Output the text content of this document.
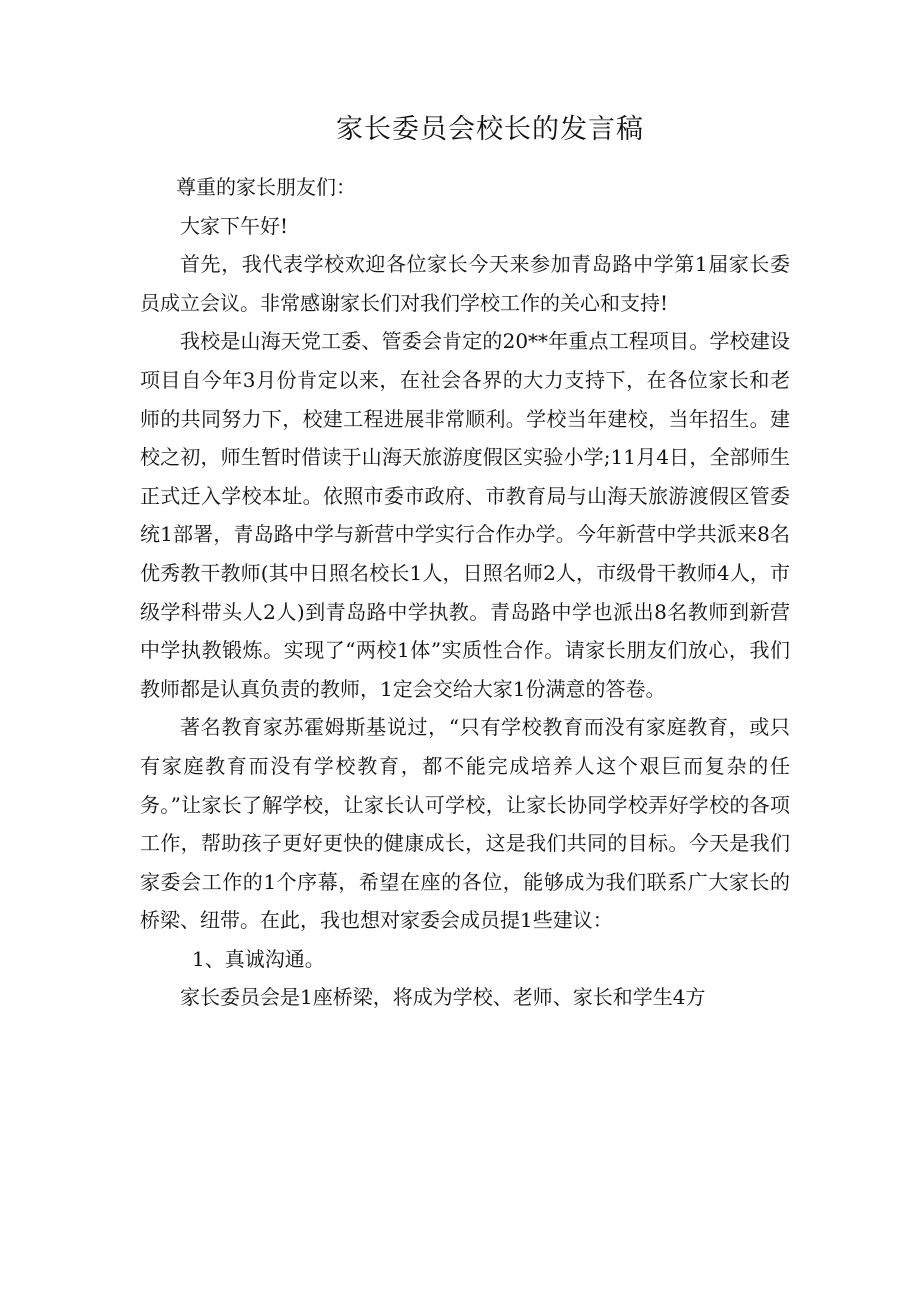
家长委员会校长的发言稿

尊重的家长朋友们：

大家下午好!

首先，我代表学校欢迎各位家长今天来参加青岛路中学第1届家长委员成立会议。非常感谢家长们对我们学校工作的关心和支持!

我校是山海天党工委、管委会肯定的20**年重点工程项目。学校建设项目自今年3月份肯定以来，在社会各界的大力支持下，在各位家长和老师的共同努力下，校建工程进展非常顺利。学校当年建校，当年招生。建校之初，师生暂时借读于山海天旅游度假区实验小学;11月4日，全部师生正式迁入学校本址。依照市委市政府、市教育局与山海天旅游渡假区管委统1部署，青岛路中学与新营中学实行合作办学。今年新营中学共派来8名优秀教干教师(其中日照名校长1人，日照名师2人，市级骨干教师4人，市级学科带头人2人)到青岛路中学执教。青岛路中学也派出8名教师到新营中学执教锻炼。实现了“两校1体”实质性合作。请家长朋友们放心，我们教师都是认真负责的教师，1定会交给大家1份满意的答卷。

著名教育家苏霍姆斯基说过，“只有学校教育而没有家庭教育，或只有家庭教育而没有学校教育，都不能完成培养人这个艰巨而复杂的任务。”让家长了解学校，让家长认可学校，让家长协同学校弄好学校的各项工作，帮助孩子更好更快的健康成长，这是我们共同的目标。今天是我们家委会工作的1个序幕，希望在座的各位，能够成为我们联系广大家长的桥梁、纽带。在此，我也想对家委会成员提1些建议：

1、真诚沟通。

家长委员会是1座桥梁，将成为学校、老师、家长和学生4方
